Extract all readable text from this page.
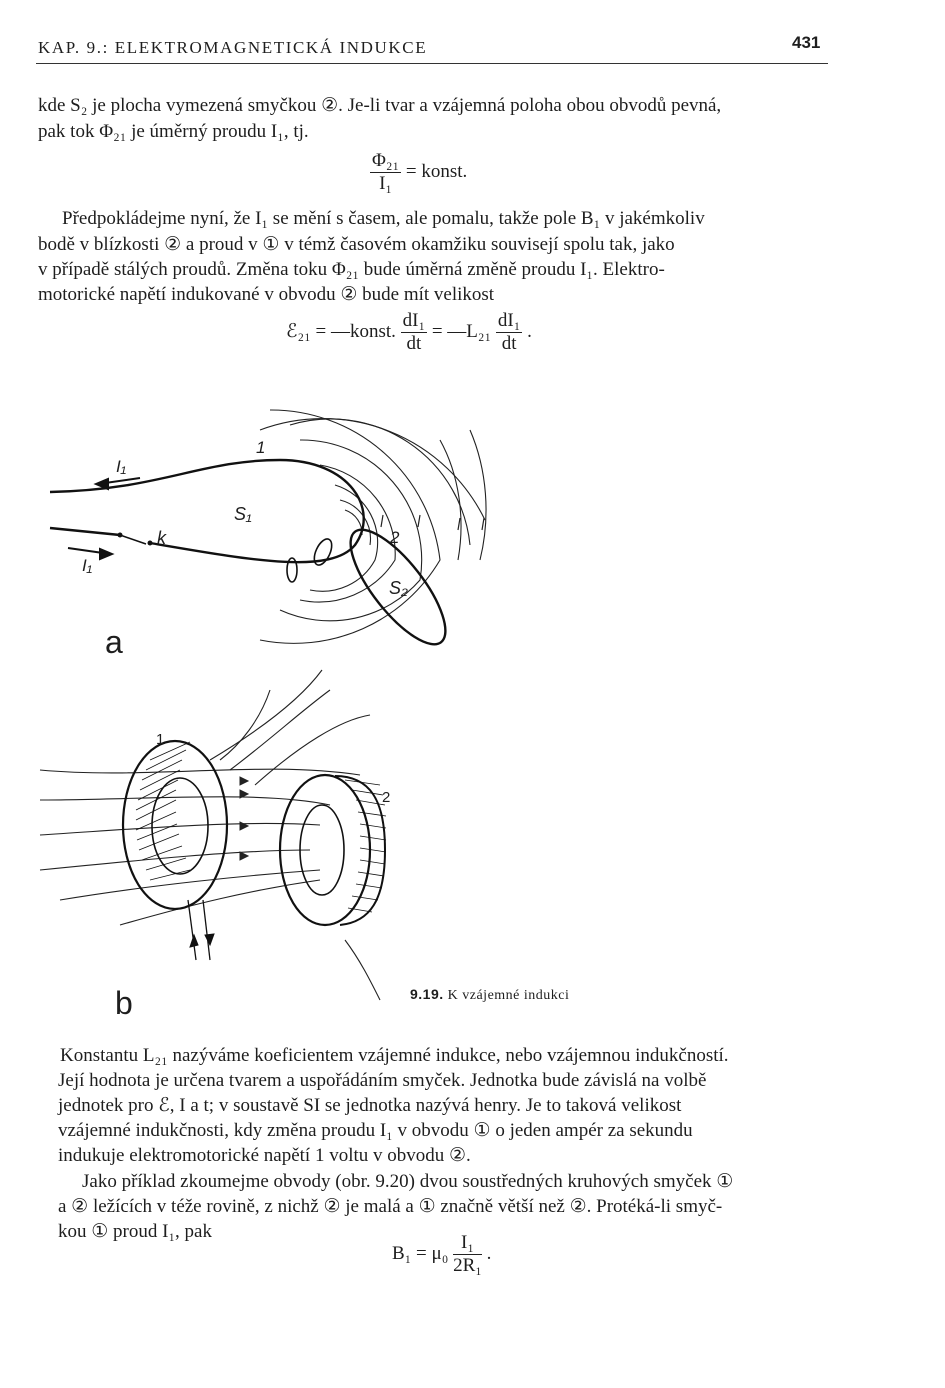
KAP. 9.: ELEKTROMAGNETICKÁ INDUKCE	431
kde S₂ je plocha vymezená smyčkou ②. Je-li tvar a vzájemná poloha obou obvodů pevná,
pak tok Φ₂₁ je úměrný proudu I₁, tj.
$\frac{\text{Φ₂₁}}{\text{I₁}}$ = konst.
Předpokládejme nyní, že I₁ se mění s časem, ale pomalu, takže pole B₁ v jakémkoliv
bodě v blízkosti ② a proud v ① v témž časovém okamžiku souvisejí spolu tak, jako
v případě stálých proudů. Změna toku Φ₂₁ bude úměrná změně proudu I₁. Elektro-
motorické napětí indukované v obvodu ② bude mít velikost
ℰ₂₁ = —konst. $\frac{\text{dI₁}}{dt}$ = —L₂₁ $\frac{\text{dI₁}}{dt}$ .
a
1
2
I₁
I₁
k
S₁
S₂
b
1
2
9.19. K vzájemné indukci
Konstantu L₂₁ nazýváme koeficientem vzájemné indukce, nebo vzájemnou indukčností.
Její hodnota je určena tvarem a uspořádáním smyček. Jednotka bude závislá na volbě
jednotek pro ℰ, I a t; v soustavě SI se jednotka nazývá henry. Je to taková velikost
vzájemné indukčnosti, kdy změna proudu I₁ v obvodu ① o jeden ampér za sekundu
indukuje elektromotorické napětí 1 voltu v obvodu ②.
Jako příklad zkoumejme obvody (obr. 9.20) dvou soustředných kruhových smyček ①
a ② ležících v téže rovině, z nichž ② je malá a ① značně větší než ②. Protéká-li smyč-
kou ① proud I₁, pak
$B_1 = \mu_0 \frac{\text{I₁}}{\text{2R₁}}$ .
